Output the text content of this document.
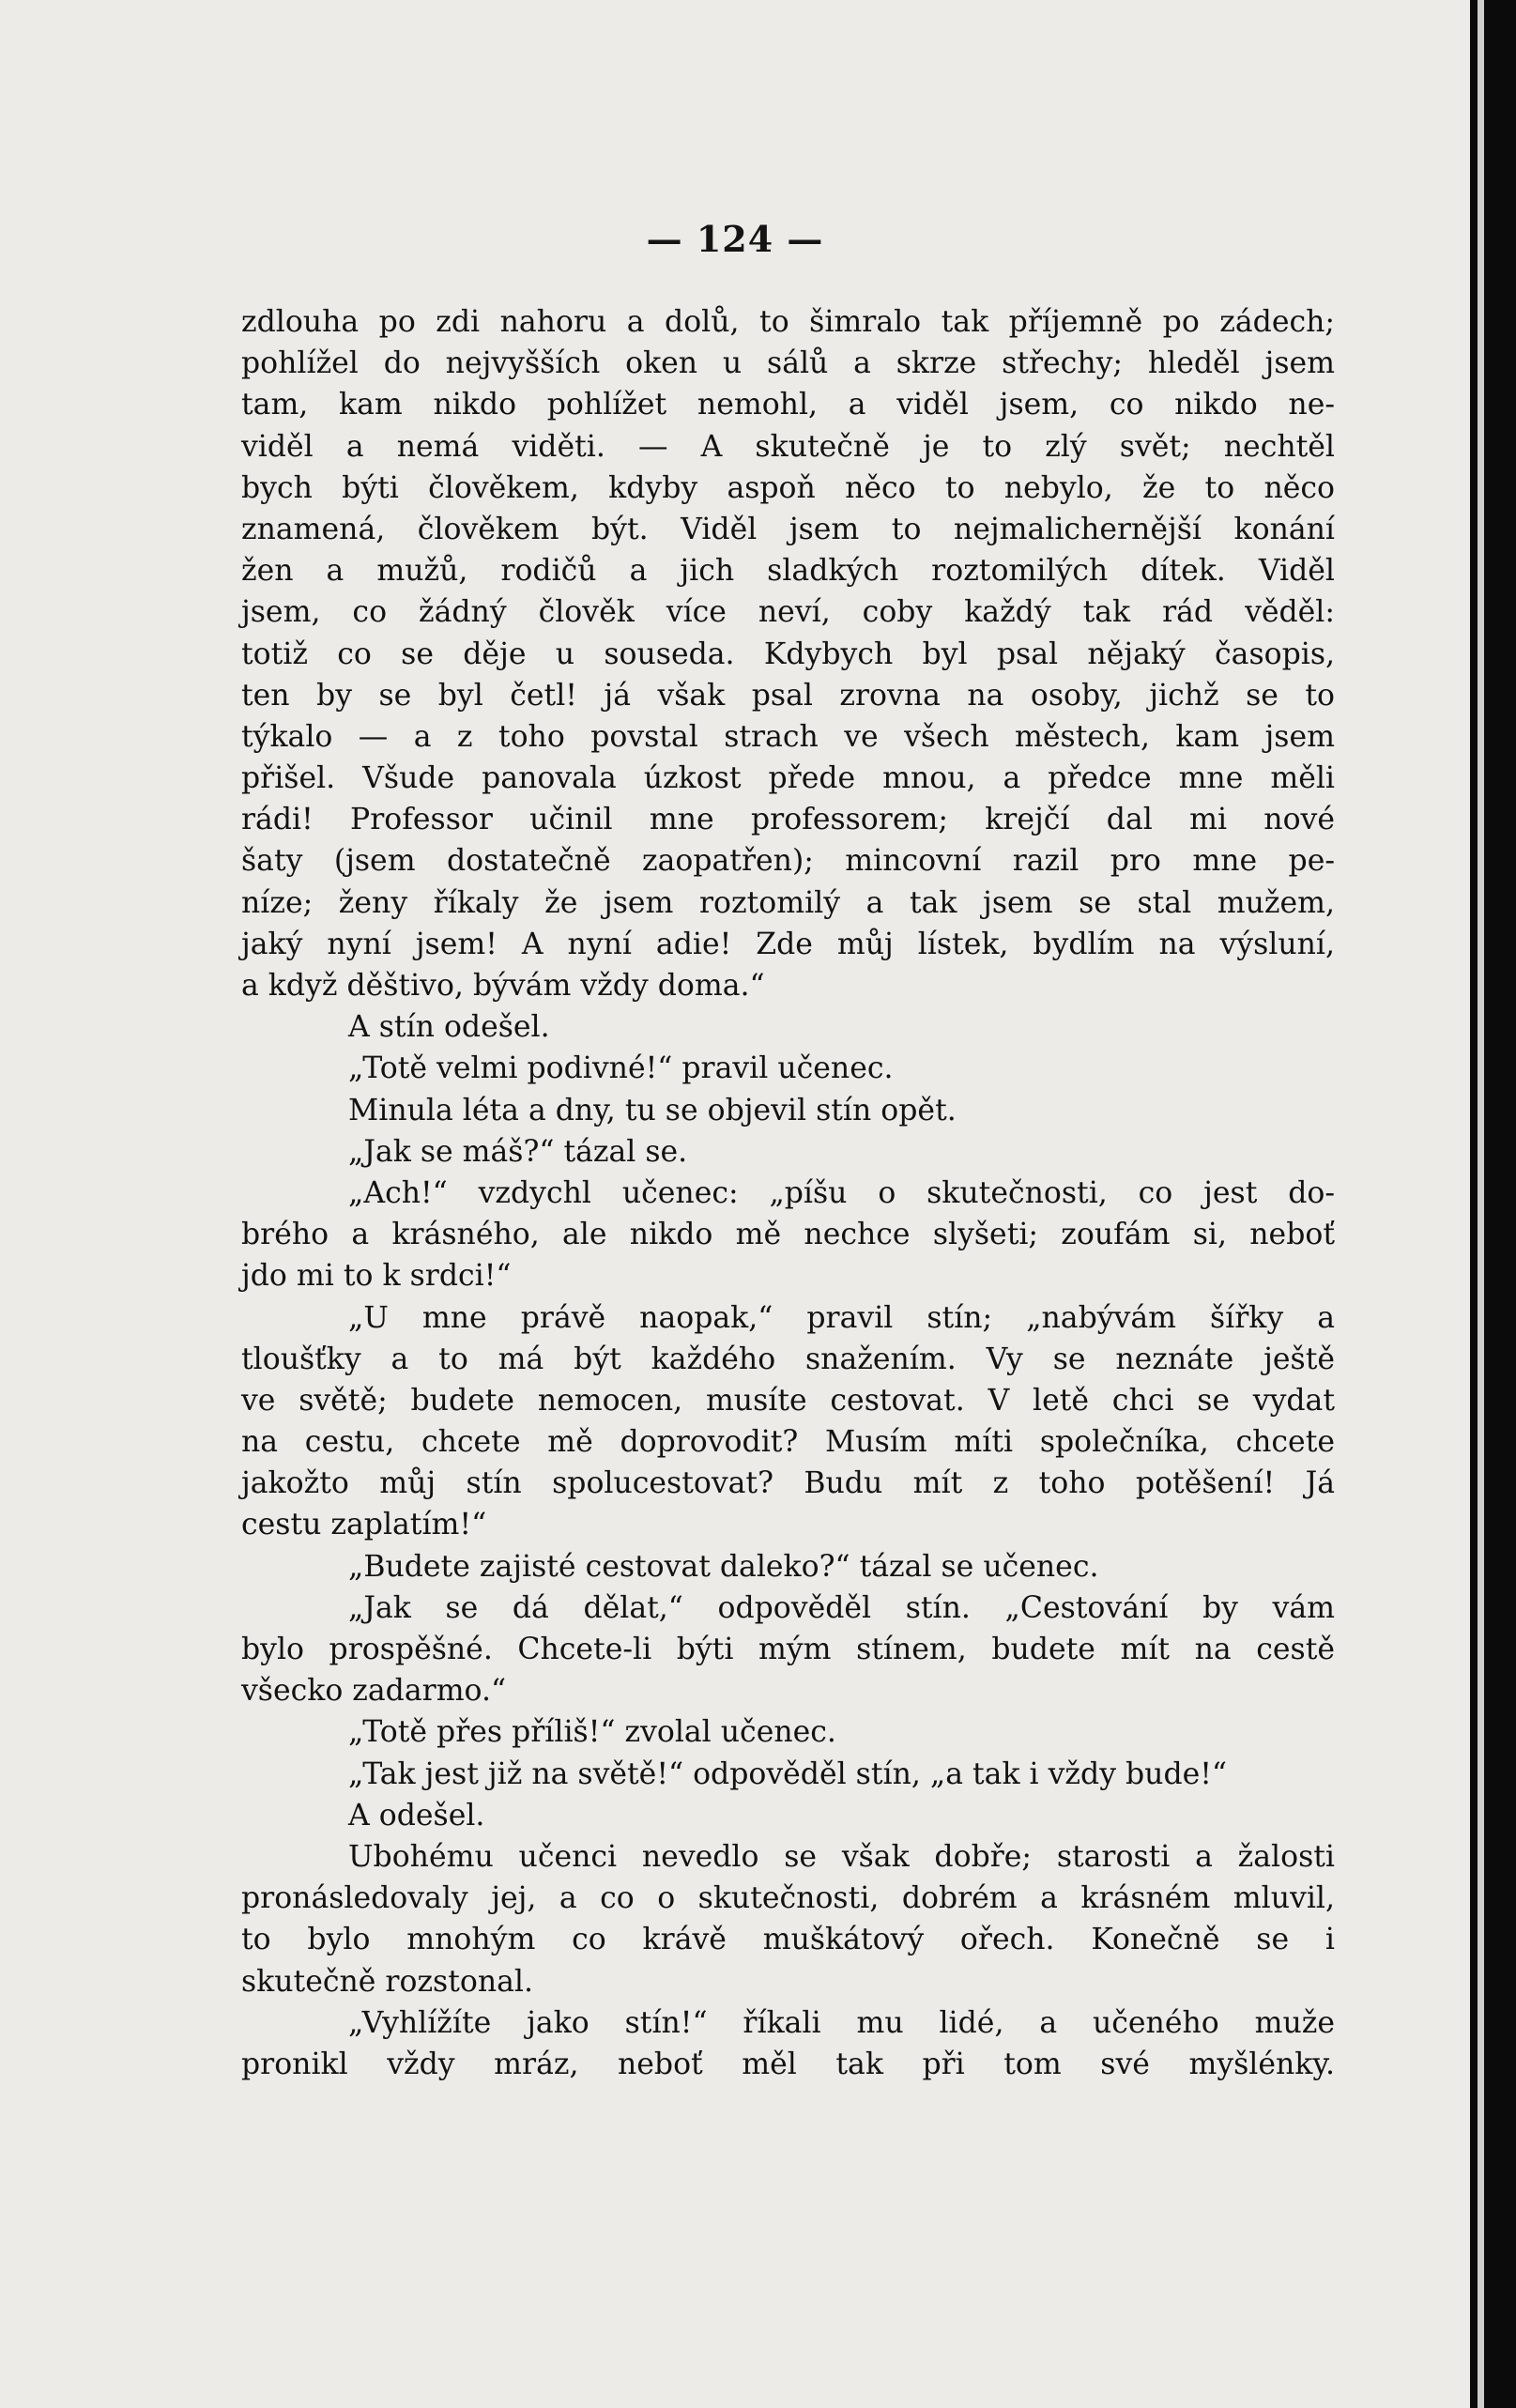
— 124 —
zdlouha po zdi nahoru a dolů, to šimralo tak příjemně po zádech;
pohlížel do nejvyšších oken u sálů a skrze střechy; hleděl jsem
tam, kam nikdo pohlížet nemohl, a viděl jsem, co nikdo ne-
viděl a nemá viděti. — A skutečně je to zlý svět; nechtěl
bych býti člověkem, kdyby aspoň něco to nebylo, že to něco
znamená, člověkem být. Viděl jsem to nejmalichernější konání
žen a mužů, rodičů a jich sladkých roztomilých dítek. Viděl
jsem, co žádný člověk více neví, coby každý tak rád věděl:
totiž co se děje u souseda. Kdybych byl psal nějaký časopis,
ten by se byl četl! já však psal zrovna na osoby, jichž se to
týkalo — a z toho povstal strach ve všech městech, kam jsem
přišel. Všude panovala úzkost přede mnou, a předce mne měli
rádi! Professor učinil mne professorem; krejčí dal mi nové
šaty (jsem dostatečně zaopatřen); mincovní razil pro mne pe-
níze; ženy říkaly že jsem roztomilý a tak jsem se stal mužem,
jaký nyní jsem! A nyní adie! Zde můj lístek, bydlím na výsluní,
a když děštivo, bývám vždy doma.“
A stín odešel.
„Totě velmi podivné!“ pravil učenec.
Minula léta a dny, tu se objevil stín opět.
„Jak se máš?“ tázal se.
„Ach!“ vzdychl učenec: „píšu o skutečnosti, co jest do-
brého a krásného, ale nikdo mě nechce slyšeti; zoufám si, neboť
jdo mi to k srdci!“
„U mne právě naopak,“ pravil stín; „nabývám šířky a
tloušťky a to má být každého snažením. Vy se neznáte ještě
ve světě; budete nemocen, musíte cestovat. V letě chci se vydat
na cestu, chcete mě doprovodit? Musím míti společníka, chcete
jakožto můj stín spolucestovat? Budu mít z toho potěšení! Já
cestu zaplatím!“
„Budete zajisté cestovat daleko?“ tázal se učenec.
„Jak se dá dělat,“ odpověděl stín. „Cestování by vám
bylo prospěšné. Chcete-li býti mým stínem, budete mít na cestě
všecko zadarmo.“
„Totě přes příliš!“ zvolal učenec.
„Tak jest již na světě!“ odpověděl stín, „a tak i vždy bude!“
A odešel.
Ubohému učenci nevedlo se však dobře; starosti a žalosti
pronásledovaly jej, a co o skutečnosti, dobrém a krásném mluvil,
to bylo mnohým co krávě muškátový ořech. Konečně se i
skutečně rozstonal.
„Vyhlížíte jako stín!“ říkali mu lidé, a učeného muže
pronikl vždy mráz, neboť měl tak při tom své myšlénky.
